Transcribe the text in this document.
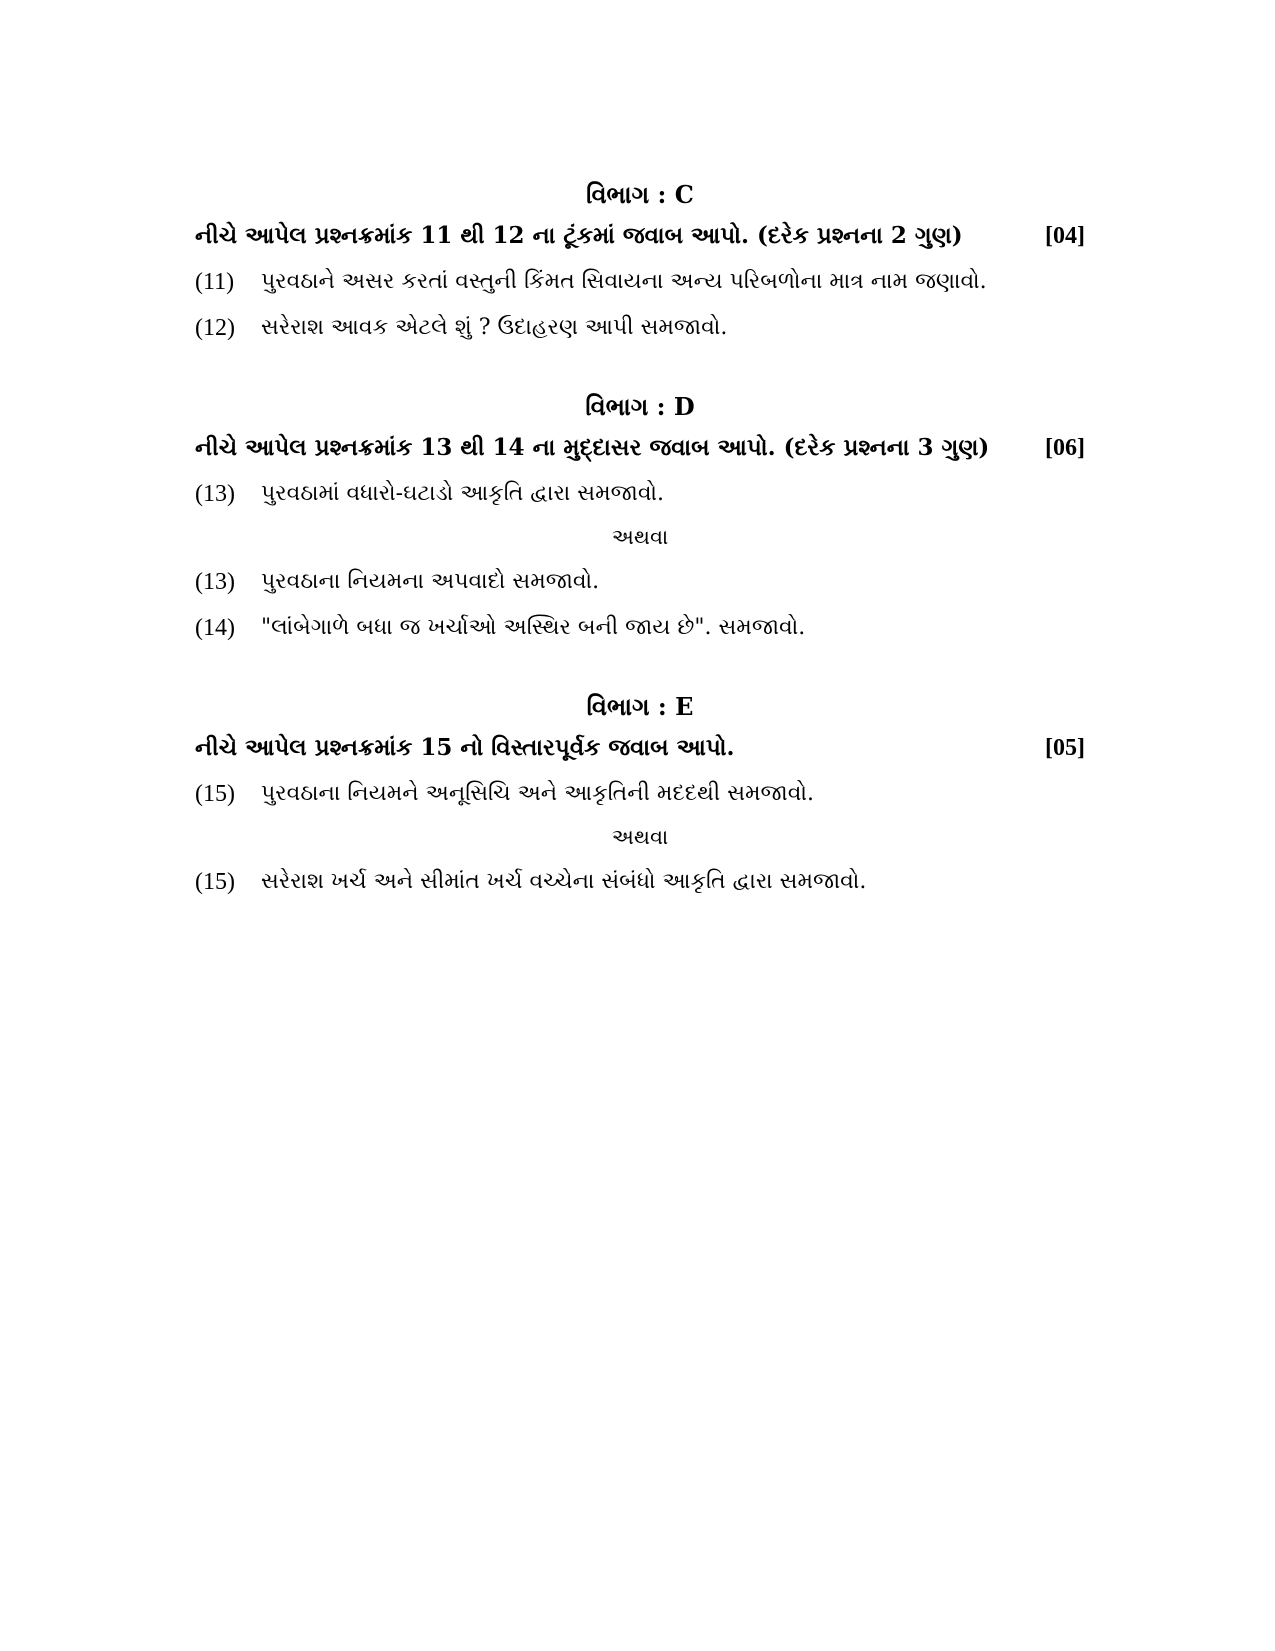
વિભાગ : C
નીચે આપેલ પ્રશ્નક્રમાંક 11 થી 12 ના ટૂંકમાં જવાબ આપો. (દરેક પ્રશ્નના 2 ગુણ)	[04]
(11) પુરવઠાને અસર કરતાં વસ્તુની કિંમત સિવાયના અન્ય પરિબળોના માત્ર નામ જણાવો.
(12) સરેરાશ આવક એટલે શું ? ઉદાહરણ આપી સમજાવો.
વિભાગ : D
નીચે આપેલ પ્રશ્નક્રમાંક 13 થી 14 ના મુદ્દાસર જવાબ આપો. (દરેક પ્રશ્નના 3 ગુણ) [06]
(13) પુરવઠામાં વધારો-ઘટાડો આકૃતિ દ્વારા સમજાવો.
અથવા
(13) પુરવઠાના નિયમના અપવાદો સમજાવો.
(14) "લાંબેગાળે બધા જ ખર્ચાઓ અસ્થિર બની જાય છે". સમજાવો.
વિભાગ : E
નીચે આપેલ પ્રશ્નક્રમાંક 15 નો વિસ્તારપૂર્વક જવાબ આપો.	[05]
(15) પુરવઠાના નિયમને અનૂસિચિ અને આકૃતિની મદદથી સમજાવો.
અથવા
(15) સરેરાશ ખર્ચ અને સીમાંત ખર્ચ વચ્ચેના સંબંધો આકૃતિ દ્વારા સમજાવો.
